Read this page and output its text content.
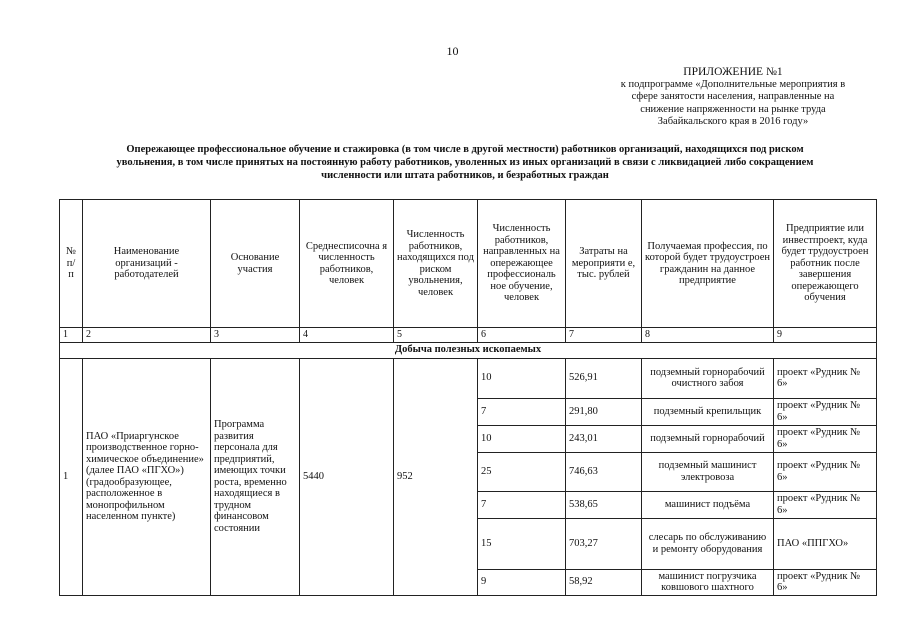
10
ПРИЛОЖЕНИЕ №1
к подпрограмме «Дополнительные мероприятия в
сфере занятости населения, направленные на
снижение напряженности на рынке труда
Забайкальского края в 2016 году»
Опережающее профессиональное обучение и стажировка (в том числе в другой местности) работников организаций, находящихся под риском
увольнения, в том числе принятых на постоянную работу работников, уволенных из иных организаций в связи с ликвидацией либо сокращением
численности или штата работников, и безработных граждан
№ п/ п	Наименование организаций - работодателей	Основание участия	Среднесписочна я численность работников, человек	Численность работников, находящихся под риском увольнения, человек	Численность работников, направленных на опережающее профессиональ ное обучение, человек	Затраты на мероприяти е, тыс. рублей	Получаемая профессия, по которой будет трудоустроен гражданин на данное предприятие	Предприятие или инвестпроект, куда будет трудоустроен работник после завершения опережающего обучения
1	2	3	4	5	6	7	8	9
Добыча полезных ископаемых								
1	ПАО «Приаргунское производственное горно-химическое объединение» (далее ПАО «ПГХО») (градообразующее, расположенное в монопрофильном населенном пункте)	Программа развития персонала для предприятий, имеющих точки роста, временно находящиеся в трудном финансовом состоянии	5440	952	10	526,91	подземный горнорабочий очистного забоя	проект «Рудник № 6»
					7	291,80	подземный крепильщик	проект «Рудник № 6»
					10	243,01	подземный горнорабочий	проект «Рудник № 6»
					25	746,63	подземный машинист электровоза	проект «Рудник № 6»
					7	538,65	машинист подъёма	проект «Рудник № 6»
					15	703,27	слесарь по обслуживанию и ремонту оборудования	ПАО «ППГХО»
					9	58,92	машинист погрузчика ковшового шахтного	проект «Рудник № 6»
